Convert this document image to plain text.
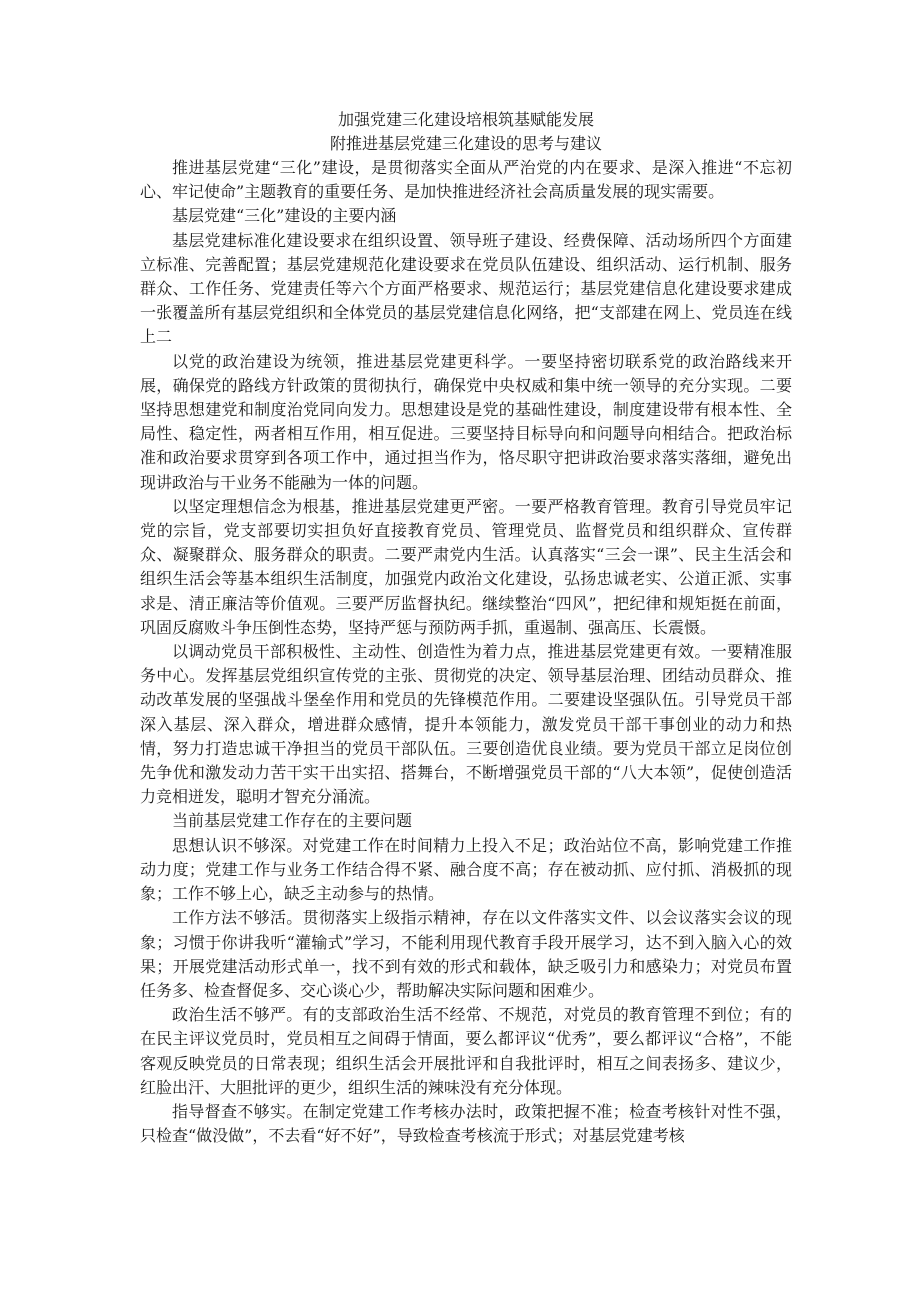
加强党建三化建设培根筑基赋能发展
附推进基层党建三化建设的思考与建议

推进基层党建“三化”建设，是贯彻落实全面从严治党的内在要求、是深入推进“不忘初心、牢记使命”主题教育的重要任务、是加快推进经济社会高质量发展的现实需要。

基层党建“三化”建设的主要内涵

基层党建标准化建设要求在组织设置、领导班子建设、经费保障、活动场所四个方面建立标准、完善配置；基层党建规范化建设要求在党员队伍建设、组织活动、运行机制、服务群众、工作任务、党建责任等六个方面严格要求、规范运行；基层党建信息化建设要求建成一张覆盖所有基层党组织和全体党员的基层党建信息化网络，把“支部建在网上、党员连在线上二

以党的政治建设为统领，推进基层党建更科学。一要坚持密切联系党的政治路线来开展，确保党的路线方针政策的贯彻执行，确保党中央权威和集中统一领导的充分实现。二要坚持思想建党和制度治党同向发力。思想建设是党的基础性建设，制度建设带有根本性、全局性、稳定性，两者相互作用，相互促进。三要坚持目标导向和问题导向相结合。把政治标准和政治要求贯穿到各项工作中，通过担当作为，恪尽职守把讲政治要求落实落细，避免出现讲政治与干业务不能融为一体的问题。

以坚定理想信念为根基，推进基层党建更严密。一要严格教育管理。教育引导党员牢记党的宗旨，党支部要切实担负好直接教育党员、管理党员、监督党员和组织群众、宣传群众、凝聚群众、服务群众的职责。二要严肃党内生活。认真落实“三会一课”、民主生活会和组织生活会等基本组织生活制度，加强党内政治文化建设，弘扬忠诚老实、公道正派、实事求是、清正廉洁等价值观。三要严厉监督执纪。继续整治“四风”，把纪律和规矩挺在前面，巩固反腐败斗争压倒性态势，坚持严惩与预防两手抓，重遏制、强高压、长震慑。

以调动党员干部积极性、主动性、创造性为着力点，推进基层党建更有效。一要精准服务中心。发挥基层党组织宣传党的主张、贯彻党的决定、领导基层治理、团结动员群众、推动改革发展的坚强战斗堡垒作用和党员的先锋模范作用。二要建设坚强队伍。引导党员干部深入基层、深入群众，增进群众感情，提升本领能力，激发党员干部干事创业的动力和热情，努力打造忠诚干净担当的党员干部队伍。三要创造优良业绩。要为党员干部立足岗位创先争优和激发动力苦干实干出实招、搭舞台，不断增强党员干部的“八大本领”，促使创造活力竞相迸发，聪明才智充分涌流。

当前基层党建工作存在的主要问题

思想认识不够深。对党建工作在时间精力上投入不足；政治站位不高，影响党建工作推动力度；党建工作与业务工作结合得不紧、融合度不高；存在被动抓、应付抓、消极抓的现象；工作不够上心，缺乏主动参与的热情。

工作方法不够活。贯彻落实上级指示精神，存在以文件落实文件、以会议落实会议的现象；习惯于你讲我听“灌输式”学习，不能利用现代教育手段开展学习，达不到入脑入心的效果；开展党建活动形式单一，找不到有效的形式和载体，缺乏吸引力和感染力；对党员布置任务多、检查督促多、交心谈心少，帮助解决实际问题和困难少。

政治生活不够严。有的支部政治生活不经常、不规范，对党员的教育管理不到位；有的在民主评议党员时，党员相互之间碍于情面，要么都评议“优秀”，要么都评议“合格”，不能客观反映党员的日常表现；组织生活会开展批评和自我批评时，相互之间表扬多、建议少，红脸出汗、大胆批评的更少，组织生活的辣味没有充分体现。

指导督查不够实。在制定党建工作考核办法时，政策把握不准；检查考核针对性不强，只检查“做没做”，不去看“好不好”，导致检查考核流于形式；对基层党建考核
